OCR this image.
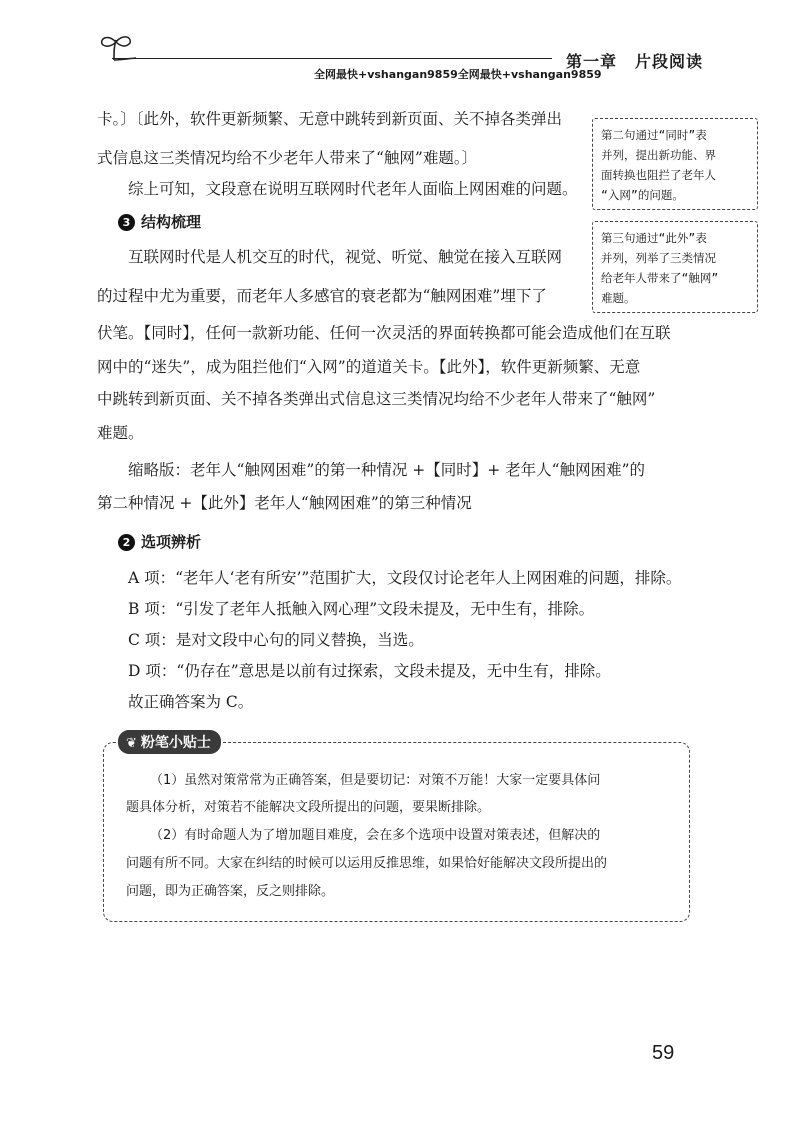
第一章 片段阅读
全网最快+vshangan9859全网最快+vshangan9859
卡。〕〔此外，软件更新频繁、无意中跳转到新页面、关不掉各类弹出
式信息这三类情况均给不少老年人带来了“触网”难题。〕
综上可知，文段意在说明互联网时代老年人面临上网困难的问题。
3 结构梳理
互联网时代是人机交互的时代，视觉、听觉、触觉在接入互联网
的过程中尤为重要，而老年人多感官的衰老都为“触网困难”埋下了
伏笔。【同时】，任何一款新功能、任何一次灵活的界面转换都可能会造成他们在互联
网中的“迷失”，成为阻拦他们“入网”的道道关卡。【此外】，软件更新频繁、无意
中跳转到新页面、关不掉各类弹出式信息这三类情况均给不少老年人带来了“触网”
难题。
缩略版：老年人“触网困难”的第一种情况 +【同时】+ 老年人“触网困难”的
第二种情况 +【此外】老年人“触网困难”的第三种情况
2 选项辨析
A 项：“老年人‘老有所安’”范围扩大，文段仅讨论老年人上网困难的问题，排除。
B 项：“引发了老年人抵触入网心理”文段未提及，无中生有，排除。
C 项：是对文段中心句的同义替换，当选。
D 项：“仍存在”意思是以前有过探索，文段未提及，无中生有，排除。
故正确答案为 C。
第二句通过“同时”表
并列，提出新功能、界
面转换也阻拦了老年人
“入网”的问题。
第三句通过“此外”表
并列，列举了三类情况
给老年人带来了“触网”
难题。
❦ 粉笔小贴士
（1）虽然对策常常为正确答案，但是要切记：对策不万能！大家一定要具体问
题具体分析，对策若不能解决文段所提出的问题，要果断排除。
（2）有时命题人为了增加题目难度，会在多个选项中设置对策表述，但解决的
问题有所不同。大家在纠结的时候可以运用反推思维，如果恰好能解决文段所提出的
问题，即为正确答案，反之则排除。
59
